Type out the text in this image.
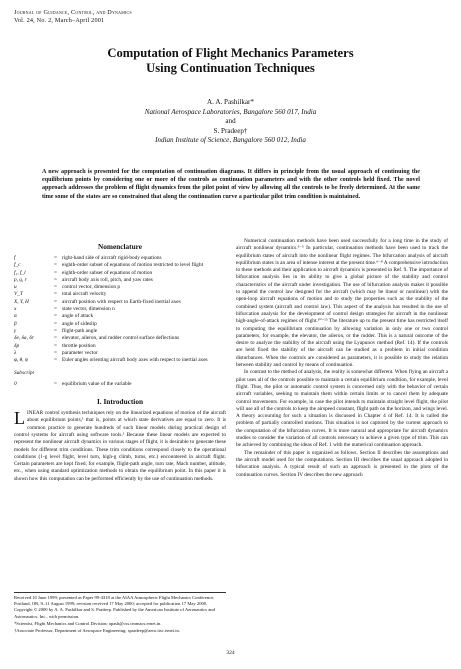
Journal of Guidance, Control, and Dynamics
Vol. 24, No. 2, March–April 2001
Computation of Flight Mechanics Parameters
Using Continuation Techniques
A. A. Pashilkar*
National Aerospace Laboratories, Bangalore 560 017, India
and
S. Pradeep†
Indian Institute of Science, Bangalore 560 012, India
A new approach is presented for the computation of continuation diagrams. It differs in principle from the usual approach of continuing the equilibrium points by considering one or more of the controls as continuation parameters and with the other controls held fixed. The novel approach addresses the problem of flight dynamics from the pilot point of view by allowing all the controls to be freely determined. At the same time some of the states are so constrained that along the continuation curve a particular pilot trim condition is maintained.
Nomenclature
f	= right-hand side of aircraft rigid-body equations
f_c	= eighth-order subset of equations of motion restricted to level flight
f₁, f_l	= eighth-order subset of equations of motion
p, q, r	= aircraft body axis roll, pitch, and yaw rates
u	= control vector, dimension p
V_T	= total aircraft velocity
X, Y, H	= aircraft position with respect to Earth-fixed inertial axes
x	= state vector, dimension n
α	= angle of attack
β	= angle of sideslip
γ	= flight-path angle
δe, δa, δr	= elevator, aileron, and rudder control surface deflections
δp	= throttle position
λ	= parameter vector
φ, θ, ψ	= Euler angles orienting aircraft body axes with respect to inertial axes
Subscript
0	= equilibrium value of the variable
I. Introduction

LINEAR control synthesis techniques rely on the linearized equations of motion of the aircraft about equilibrium points,¹ that is, points at which state derivatives are equal to zero. It is common practice to generate hundreds of such linear models during practical design of control systems for aircraft using software tools.² Because these linear models are expected to represent the nonlinear aircraft dynamics in various stages of flight, it is desirable to generate these models for different trim conditions. These trim conditions correspond closely to the operational conditions (1-g level flight, level turn, high-g climb, turns, etc.) encountered in aircraft flight. Certain parameters are kept fixed, for example, flight-path angle, turn rate, Mach number, altitude, etc., when using standard optimization methods to obtain the equilibrium point. In this paper it is shown how this computation can be performed efficiently by the use of continuation methods.

Numerical continuation methods have been used successfully for a long time in the study of aircraft nonlinear dynamics.³⁻⁵ In particular, continuation methods have been used to track the equilibrium states of aircraft into the nonlinear flight regimes. The bifurcation analysis of aircraft equilibrium states is an area of intense interest at the present time.⁶⁻⁸ A comprehensive introduction to these methods and their application to aircraft dynamics is presented in Ref. 9. The importance of bifurcation analysis lies in its ability to give a global picture of the stability and control characteristics of the aircraft under investigation. The use of bifurcation analysis makes it possible to append the control law designed for the aircraft (which may be linear or nonlinear) with the open-loop aircraft equations of motion and to study the properties such as the stability of the combined system (aircraft and control law). This aspect of the analysis has resulted in the use of bifurcation analysis for the development of control design strategies for aircraft in the nonlinear high-angle-of-attack regimes of flight.¹⁰⁻¹⁵ The literature up to the present time has restricted itself to computing the equilibrium continuation by allowing variation in only one or two control parameters, for example, the elevator, the aileron, or the rudder. This is a natural outcome of the desire to analyze the stability of the aircraft using the Lyapunov method (Ref. 14). If the controls are held fixed the stability of the aircraft can be studied as a problem in initial condition disturbances. When the controls are considered as parameters, it is possible to study the relation between stability and control by means of continuation.

In contrast to the method of analysis, the reality is somewhat different. When flying an aircraft a pilot uses all of the controls possible to maintain a certain equilibrium condition, for example, level flight. Thus, the pilot or automatic control system is concerned only with the behavior of certain aircraft variables, seeking to maintain them within certain limits or to cancel them by adequate control movements. For example, in case the pilot intends to maintain straight level flight, the pilot will use all of the controls to keep the airspeed constant, flight path on the horizon, and wings level. A theory accounting for such a situation is discussed in Chapter 4 of Ref. 14. It is called the problem of partially controlled motions. This situation is not captured by the current approach to the computation of the bifurcation curves. It is more natural and appropriate for aircraft dynamics studies to consider the variation of all controls necessary to achieve a given type of trim. This can be achieved by combining the ideas of Ref. 1 with the numerical continuation approach.

The remainder of this paper is organized as follows. Section II describes the assumptions and the aircraft model used for the computations. Section III describes the usual approach adopted in bifurcation analysis. A typical result of such an approach is presented in the plots of the continuation curves. Section IV describes the new approach

Received 10 June 1999; presented as Paper 99-4318 at the AIAA Atmospheric Flight Mechanics Conference, Portland, OR, 9–11 August 1999; revision received 17 May 2000; accepted for publication 17 May 2000. Copyright © 2000 by A. A. Pashilkar and S. Pradeep. Published by the American Institute of Aeronautics and Astronautics, Inc., with permission.
*Scientist, Flight Mechanics and Control Division; apash@css.cmmacs.ernet.in.
†Associate Professor, Department of Aerospace Engineering; spradeep@aero.iisc.ernet.in.
324
